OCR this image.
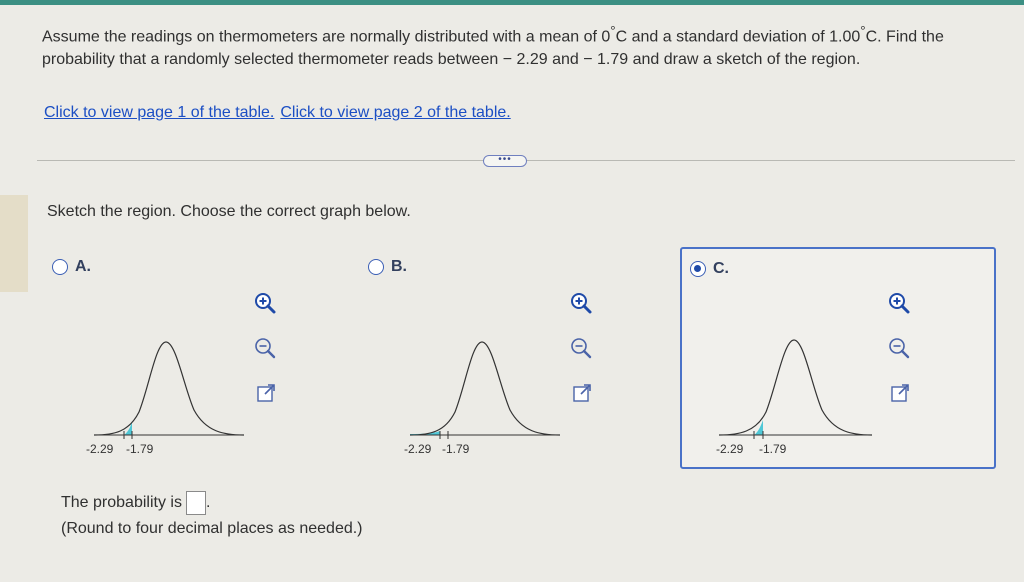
Assume the readings on thermometers are normally distributed with a mean of 0°C and a standard deviation of 1.00°C. Find the probability that a randomly selected thermometer reads between − 2.29 and − 1.79 and draw a sketch of the region.
Click to view page 1 of the table. Click to view page 2 of the table.
•••
Sketch the region. Choose the correct graph below.
A.
-2.29 -1.79
B.
-2.29 -1.79
C.
-2.29 -1.79
The probability is .
(Round to four decimal places as needed.)
